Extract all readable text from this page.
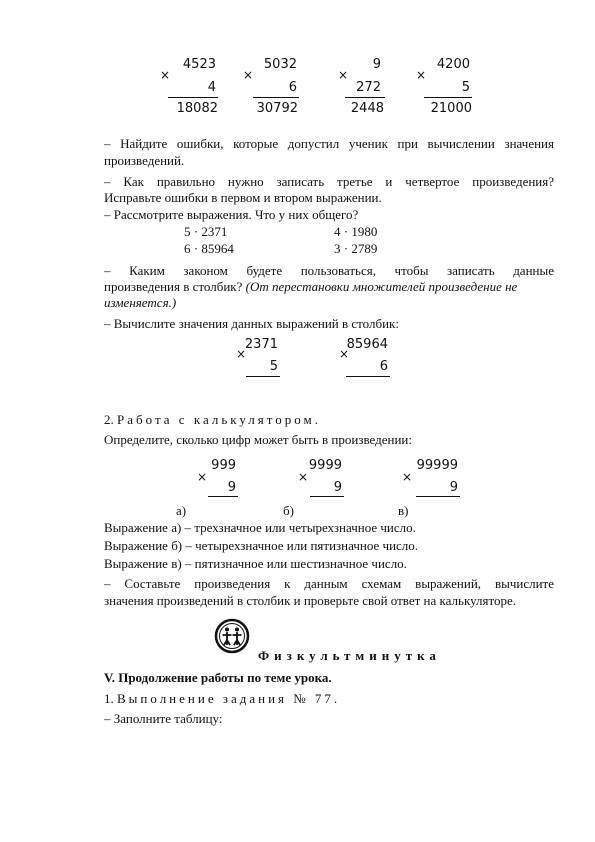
×
4523
4
18082
×
5032
6
30792
×
9
272
2448
×
4200
5
21000
– Найдите ошибки, которые допустил ученик при вычислении значения
произведений.
– Как правильно нужно записать третье и четвертое произведения?
Исправьте ошибки в первом и втором выражении.
– Рассмотрите выражения. Что у них общего?
5 · 2371	4 · 1980
6 · 85964	3 · 2789
– Каким законом будете пользоваться, чтобы записать данные
произведения в столбик? (От перестановки множителей произведение не
изменяется.)
– Вычислите значения данных выражений в столбик:
×
2371
5
×
85964
6
2. Работа с калькулятором.
Определите, сколько цифр может быть в произведении:
×
999
9
а)
×
9999
9
б)
×
99999
9
в)
Выражение а) – трехзначное или четырехзначное число.
Выражение б) – четырехзначное или пятизначное число.
Выражение в) – пятизначное или шестизначное число.
– Составьте произведения к данным схемам выражений, вычислите
значения произведений в столбик и проверьте свой ответ на калькуляторе.
Физкультминутка
V. Продолжение работы по теме урока.
1. Выполнение задания № 77.
– Заполните таблицу:
